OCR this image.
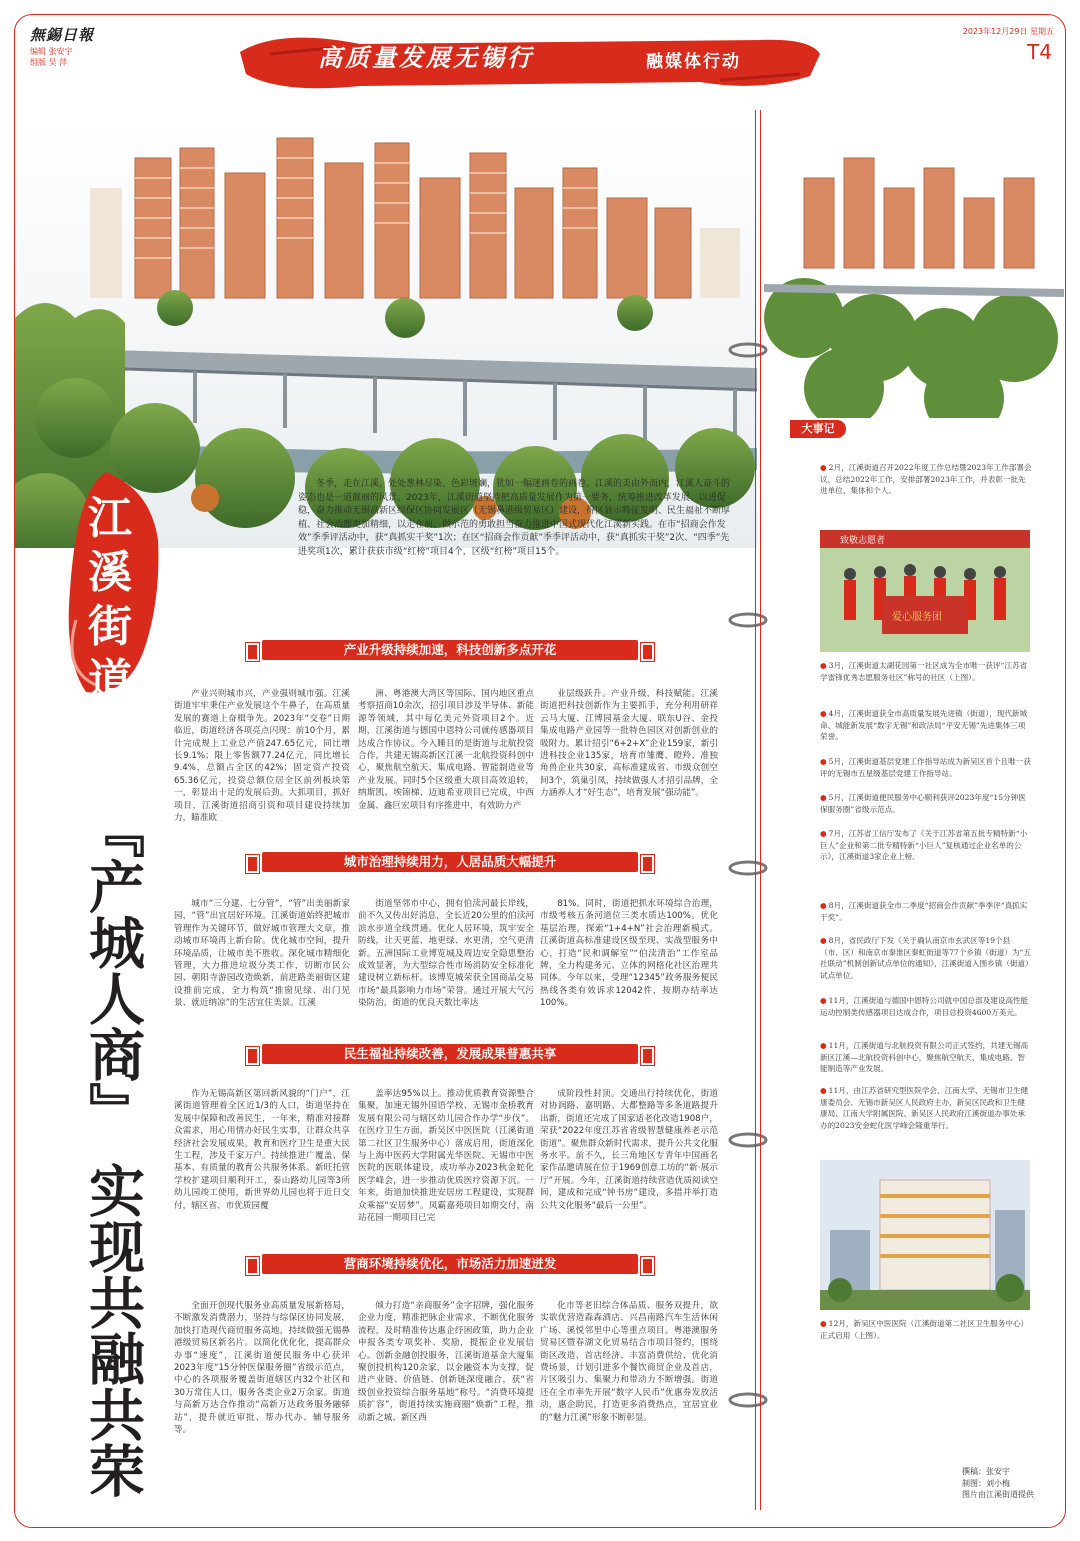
無錫日報
编辑 张安宇
组版 吴 萍
2023年12月29日 星期五
T4
高质量发展无锡行	融媒体行动
江
溪
街
道
『产城人商』
实现共融共荣
冬季，走在江溪，处处葱林尽染、色彩斑斓，犹如一幅迷画卷的画卷。江溪的美由外而内，江溪人奋斗的姿态也是一道靓丽的风景。2023年，江溪街道坚持把高质量发展作为第一要务，统筹推进改革发展、以进促稳，奋力推动无锡高新区综保区协同发展区（无锡鼻港级贸易区）建设，得区显示特征发明、民生福祉不断厚植、社会治理更加精细，以走在前、做示范的勇敢担当奋力推进中国式现代化江溪新实践。在市“招商会作发效”季季评活动中，获“真抓实干奖”1次；在区“招商会作贡献”季季评活动中，获“真抓实干奖”2次、“四季”先进奖项1次，累计获获市级“红榜”项目4个，区级“红榜”项目15个。
产业升级持续加速，科技创新多点开花
产业兴则城市兴，产业强则城市强。江溪街道牢牢秉住产业发展这个牛鼻子，在高质量发展的赛道上奋楫争先。2023年“交卷”日期临近，街道经济各项亮点闪现：前10个月，累计完成规上工业总产值247.65亿元，同比增长9.1%；限上零售额77.24亿元，同比增长9.4%，总额占全区的42%；固定资产投资65.36亿元，投资总额位居全区前列板块第一，彰显出十足的发展后劲。大抓项目，抓好项目，江溪街道招商引资和项目建设持续加力，瞄准欧
洲、粤港澳大湾区等国际、国内地区重点考察招商10余次，招引项目涉及半导体、新能源等领域，其中每亿美元外资项目2个。近期，江溪街道与德国中恩特公司就传感器项目达成合作协议。今入睡目的是街道与北航投资合作，共建无锡高新区江溪一北航投资科创中心，聚焦航空航天、集成电路、智能制造业等产业发展。同时5个区级重大项目高效追转，纳斯凯、埃锦梯、迈迪希亚项目已完成，中西金属、鑫巨宏项目有序推进中，有效助力产
业层级跃升。产业升级，科技赋能。江溪街道把科技创新作为主要抓手，充分利用研祥云马大厦、江博园基金大厦、联东U谷、金投集成电路产业园等一批特色园区对创新创业的吸附力。累计招引“6+2+X”企业159家，新引进科技企业135家，培育市雏鹰、瞪羚、准独角兽企业共30家，高标准建成省、市级众创空间3个，筑巢引凤，持续做强人才招引品牌，全力涵养人才“好生态”，培育发展“强动能”。
城市治理持续用力，人居品质大幅提升
城市“三分建、七分管”，“管”出美丽新家园，“管”出宜居好环境。江溪街道始终把城市管理作为关键环节，做好城市管理大文章，推动城市环境再上新台阶。优化城市空间，提升环境品质，让城市美不胜收。深化城市精细化管理，大力推进垃圾分类工作，切断市民公园、朝阳寺游园改造焕新，前进路美丽街区建设推前完成，全力构筑“推窗见绿、出门见景、就近纳凉”的生活宜住美景。江溪
街道坚邻市中心，拥有伯渎河最长岸线，前不久又传出好消息，全长近20公里的伯渎河滨水步道全线贯通。优化人居环境，筑牢安全防线，让天更蓝、地更绿、水更清，空气更清新。五洲国际工业博览城及周边安全隐患整治成效显著，为大型综合性市场消防安全标准化建设树立新标杆。该博览城荣获全国商品交易市场“最具影响力市场”荣誉。通过开展大气污染防治，街道的优良天数比率达
81%。同时，街道把抓水环境综合治理，市级考核五条河道位三类水质达100%。优化基层治理，探索“1+4+N”社会治理新模式。江溪街道高标准建设区级至现、实战型服务中心，打造“民和调解室”“伯渎清治”工作室品牌，全力构建务元、立体的网格化社区治理共同体。今年以来，受理“12345”政务服务便民热线各类有效诉求12042件，按期办结率达100%。
民生福祉持续改善，发展成果普惠共享
作为无锡高新区第回新风貌的“门户”，江溪街道管理着全区近1/3的人口，街道坚持在发展中保障和改善民生，一年来，精准对接群众需求，用心用情办好民生实事，让群众共享经济社会发展成果。教育和医疗卫生是重大民生工程，涉及千家万户。持续推进广覆盖、保基本、有质量的教育公共服务体系。新旺托管学校扩建项目顺利开工，泰山路幼儿园等3所幼儿园竣工使用，新世界幼儿园也将于近日交付，辖区省、市优质园覆
盖率达95%以上。推动优质教育资源整合集聚，加速无锡外国语学校、无锡市金桥教育发展有限公司与辖区幼儿园合作办学“步伐”。在医疗卫生方面，新吴区中医医院（江溪街道第二社区卫生服务中心）落成启用，街道深化与上海中医药大学附属光华医院、无锡市中医医院的医联体建设，成功举办2023秋金蛇化医学峰会，进一步推动优质医疗资源下沉。一年来，街道加快推进安居房工程建设，实现群众乘福“安居梦”。凤霸嘉苑项目如期交付，南站花园一期项目已完
成阶段性封顶。交通出行持续优化，街道对协润路、嘉明路、大都整路等多条道路提升出新，街道还完成了国家适老化改造1908户，荣获“2022年度江苏省省级智慧健康养老示范街道”。聚焦群众新时代需求，提升公共文化服务水平。前不久，长三角地区专青年中国画名家作品邀请展在位于1969创意工坊的“新·展示厅”开展。今年，江溪街道持续营造优质阅读空间，建成和完成“钟书房”建设，多措并举打造公共文化服务“最后一公里”。
营商环境持续优化，市场活力加速迸发
全面开创现代服务业高质量发展新格局，不断激发消费潜力，坚持与综保区协同发展，加快打造现代商贸服务高地，持续做强无锡鼻港级贸易区新名片。以简化优化化，提高群众办事“速度”，江溪街道便民服务中心获评2023年度“15分钟医保服务圈”省级示范点，中心的各项服务覆盖街道辖区内32个社区和30万常住人口，服务各类企业2万余家。街道与高新万达合作推动“高新万达政务服务融驿站”，提升就近审批、帮办代办、辅导服务等。
倾力打造“亲商服务”金字招牌，强化服务企业力度，精准把脉企业需求，不断优化服务流程，及时精准传达惠企纾困政策，助力企业申报各类专项奖补、奖励，提振企业发展信心。创新金融创投服务，江溪街道基金大厦集聚创投机构120余家，以金融资本为支撑，促进产业链、价值链、创新链深度融合，获“省级创业投资综合服务基地”称号。“消费环境提质扩容”，街道持续实施商圈“焕新”工程，推动新之城、新区西
化市等老旧综合体品质、服务双提升，欲实欲优营造森森酒店、兴昌南路汽车生活休闲广场、溪悦邻里中心等重点项目。粤港澳服务贸易区暨春湖文化贸易结合市项目签约，围绕街区改造、首店经济、丰富消费供给、优化消费场景，计划引进多个餐饮商贸企业及首店，片区吸引力、集聚力和带动力不断增强。街道还在全市率先开展“数字人民币”优惠券发放活动，惠企助民，打造更多消费热点，宜居宜业的“魅力江溪”形象不断彰显。
大事记
● 2月，江溪街道召开2022年度工作总结暨2023年工作部署会议，总结2022年工作，安排部署2023年工作，并表彰一批先进单位、集体和个人。
致敬志愿者
爱心服务团
● 3月，江溪街道太湖花园第一社区成为全市唯一获评“江苏省学雷锋优秀志愿服务社区”称号的社区（上图）。
● 4月，江溪街道获全市高质量发展先进镇（街道），现代新城命、城能新发展“数字无锡”和政法局“平安无锡”先进集体三项荣誉。
● 5月，江溪街道基层党建工作指导站成为新吴区首个且唯一获评的无锡市五星级基层党建工作指导站。
● 5月，江溪街道便民服务中心顺利获评2023年度“15分钟医保服务圈”省级示范点。
● 7月，江苏省工信厅发布了《关于江苏省第五批专精特新“小巨人”企业和第二批专精特新“小巨人”复核通过企业名单的公示》，江溪街道3家企业上榜。
● 8月，江溪街道获全市二季度“招商会作贡献”季季评“真抓实干奖”。
● 8月，省民政厅下发《关于确认南京市玄武区等19个县（市、区）和南京市秦淮区秦虹街道等77个乡镇（街道）为“五社联动”机制创新试点单位的通知》，江溪街道入围乡镇（街道）试点单位。
● 11月，江溪街道与德国中恩特公司就中国总部及建设高性能运动控制类传感器项目达成合作，项目总投资4600万美元。
● 11月，江溪街道与北航投资有限公司正式签约，共建无锡高新区江溪—北航投资科创中心，聚焦航空航天、集成电路、智能制造等产业发展。
● 11月，由江苏省研究型医院学会、江南大学、无锡市卫生健康委员会、无锡市新吴区人民政府主办，新吴区民政和卫生健康局、江南大学附属医院、新吴区人民政府江溪街道办事处承办的2023安金蛇化医学峰会隆重举行。
● 12月，新吴区中医医院（江溪街道第二社区卫生服务中心）正式启用（上图）。
撰稿：张安宇
制图：刘小梅
图片由江溪街道提供
